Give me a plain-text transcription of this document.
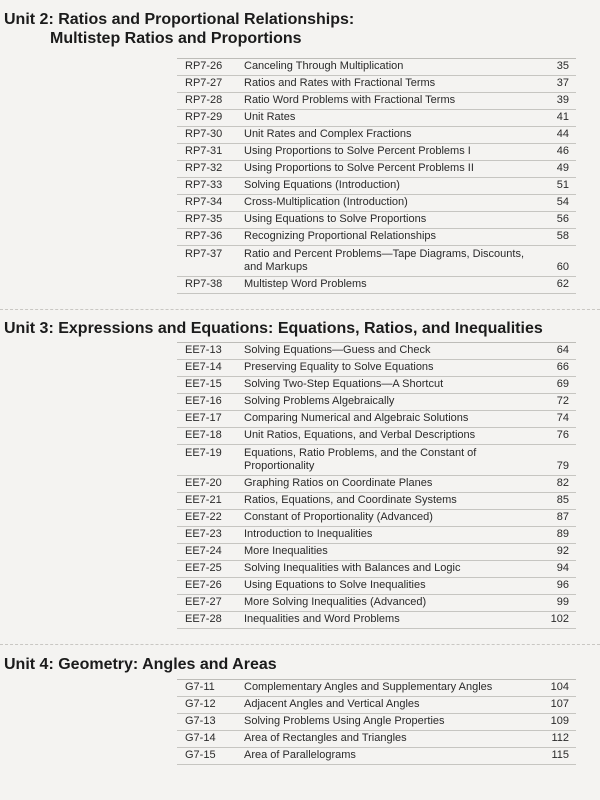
Unit 2: Ratios and Proportional Relationships:
Multistep Ratios and Proportions
RP7-26	Canceling Through Multiplication	35
RP7-27	Ratios and Rates with Fractional Terms	37
RP7-28	Ratio Word Problems with Fractional Terms	39
RP7-29	Unit Rates	41
RP7-30	Unit Rates and Complex Fractions	44
RP7-31	Using Proportions to Solve Percent Problems I	46
RP7-32	Using Proportions to Solve Percent Problems II	49
RP7-33	Solving Equations (Introduction)	51
RP7-34	Cross-Multiplication (Introduction)	54
RP7-35	Using Equations to Solve Proportions	56
RP7-36	Recognizing Proportional Relationships	58
RP7-37	Ratio and Percent Problems—Tape Diagrams, Discounts, and Markups	60
RP7-38	Multistep Word Problems	62
Unit 3: Expressions and Equations: Equations, Ratios, and Inequalities
EE7-13	Solving Equations—Guess and Check	64
EE7-14	Preserving Equality to Solve Equations	66
EE7-15	Solving Two-Step Equations—A Shortcut	69
EE7-16	Solving Problems Algebraically	72
EE7-17	Comparing Numerical and Algebraic Solutions	74
EE7-18	Unit Ratios, Equations, and Verbal Descriptions	76
EE7-19	Equations, Ratio Problems, and the Constant of Proportionality	79
EE7-20	Graphing Ratios on Coordinate Planes	82
EE7-21	Ratios, Equations, and Coordinate Systems	85
EE7-22	Constant of Proportionality (Advanced)	87
EE7-23	Introduction to Inequalities	89
EE7-24	More Inequalities	92
EE7-25	Solving Inequalities with Balances and Logic	94
EE7-26	Using Equations to Solve Inequalities	96
EE7-27	More Solving Inequalities (Advanced)	99
EE7-28	Inequalities and Word Problems	102
Unit 4: Geometry: Angles and Areas
G7-11	Complementary Angles and Supplementary Angles	104
G7-12	Adjacent Angles and Vertical Angles	107
G7-13	Solving Problems Using Angle Properties	109
G7-14	Area of Rectangles and Triangles	112
G7-15	Area of Parallelograms	115
